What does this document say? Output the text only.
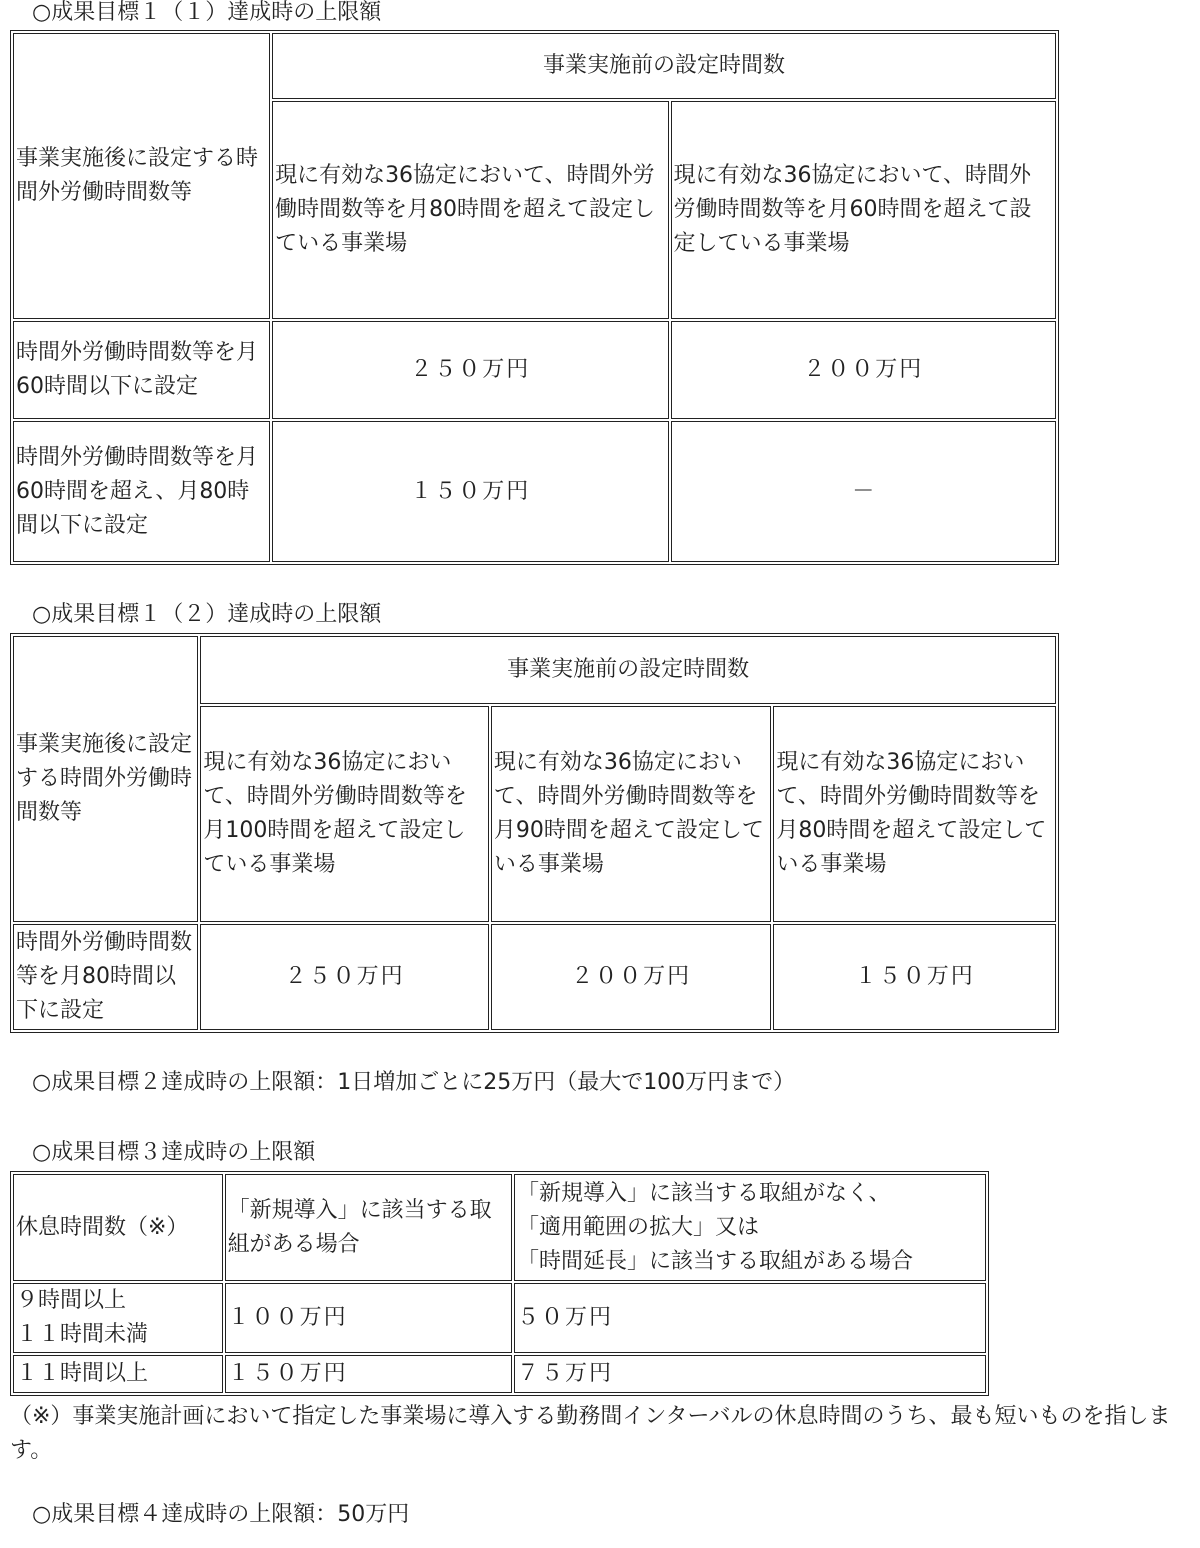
○成果目標１（１）達成時の上限額
事業実施後に設定する時間外労働時間数等	事業実施前の設定時間数	
	現に有効な36協定において、時間外労働時間数等を月80時間を超えて設定している事業場	現に有効な36協定において、時間外労働時間数等を月60時間を超えて設定している事業場
時間外労働時間数等を月60時間以下に設定	２５０万円	２００万円
時間外労働時間数等を月60時間を超え、月80時間以下に設定	１５０万円	－
○成果目標１（２）達成時の上限額
事業実施後に設定する時間外労働時間数等	事業実施前の設定時間数		
	現に有効な36協定において、時間外労働時間数等を月100時間を超えて設定している事業場	現に有効な36協定において、時間外労働時間数等を月90時間を超えて設定している事業場	現に有効な36協定において、時間外労働時間数等を月80時間を超えて設定している事業場
時間外労働時間数等を月80時間以下に設定	２５０万円	２００万円	１５０万円
○成果目標２達成時の上限額：1日増加ごとに25万円（最大で100万円まで）
○成果目標３達成時の上限額
休息時間数（※）	「新規導入」に該当する取組がある場合	「新規導入」に該当する取組がなく、
「適用範囲の拡大」又は
「時間延長」に該当する取組がある場合

９時間以上
１１時間未満	１００万円	５０万円
１１時間以上	１５０万円	７５万円
（※）事業実施計画において指定した事業場に導入する勤務間インターバルの休息時間のうち、最も短いものを指します。
○成果目標４達成時の上限額：50万円
